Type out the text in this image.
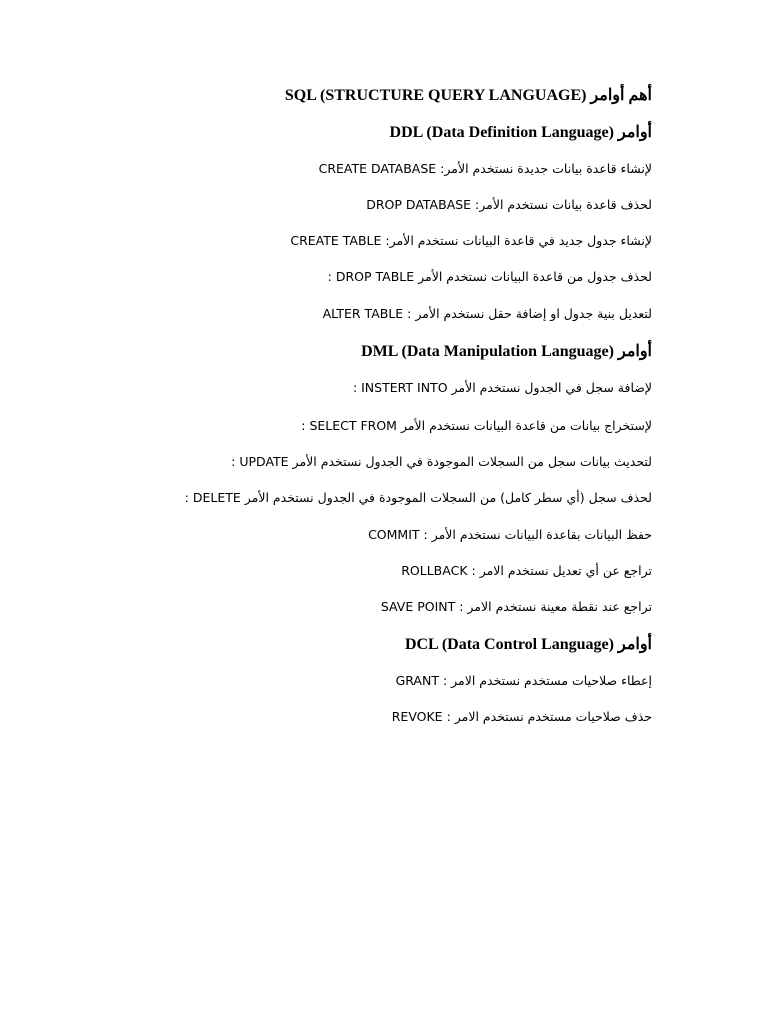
أهم أوامر SQL (STRUCTURE QUERY LANGUAGE)
أوامر DDL (Data Definition Language)
لإنشاء قاعدة بيانات جديدة نستخدم الأمر: CREATE DATABASE
لحذف قاعدة بيانات نستخدم الأمر: DROP DATABASE
لإنشاء جدول جديد في قاعدة البيانات نستخدم الأمر: CREATE TABLE
لحذف جدول من قاعدة البيانات نستخدم الأمر DROP TABLE :
لتعديل بنية جدول او إضافة حقل نستخدم الأمر : ALTER TABLE
أوامر DML (Data Manipulation Language)
لإضافة سجل في الجدول نستخدم الأمر INSTERT INTO :
لإستخراج بيانات من قاعدة البيانات نستخدم الأمر SELECT FROM :
لتحديث بيانات سجل من السجلات الموجودة في الجدول نستخدم الأمر UPDATE :
لحذف سجل (أي سطر كامل) من السجلات الموجودة في الجدول نستخدم الأمر DELETE :
حفظ البيانات بقاعدة البيانات نستخدم الأمر : COMMIT
تراجع عن أي تعديل نستخدم الامر : ROLLBACK
تراجع عند نقطة معينة نستخدم الامر : SAVE POINT
أوامر DCL (Data Control Language)
إعطاء صلاحيات مستخدم نستخدم الامر : GRANT
حذف صلاحيات مستخدم نستخدم الامر : REVOKE
